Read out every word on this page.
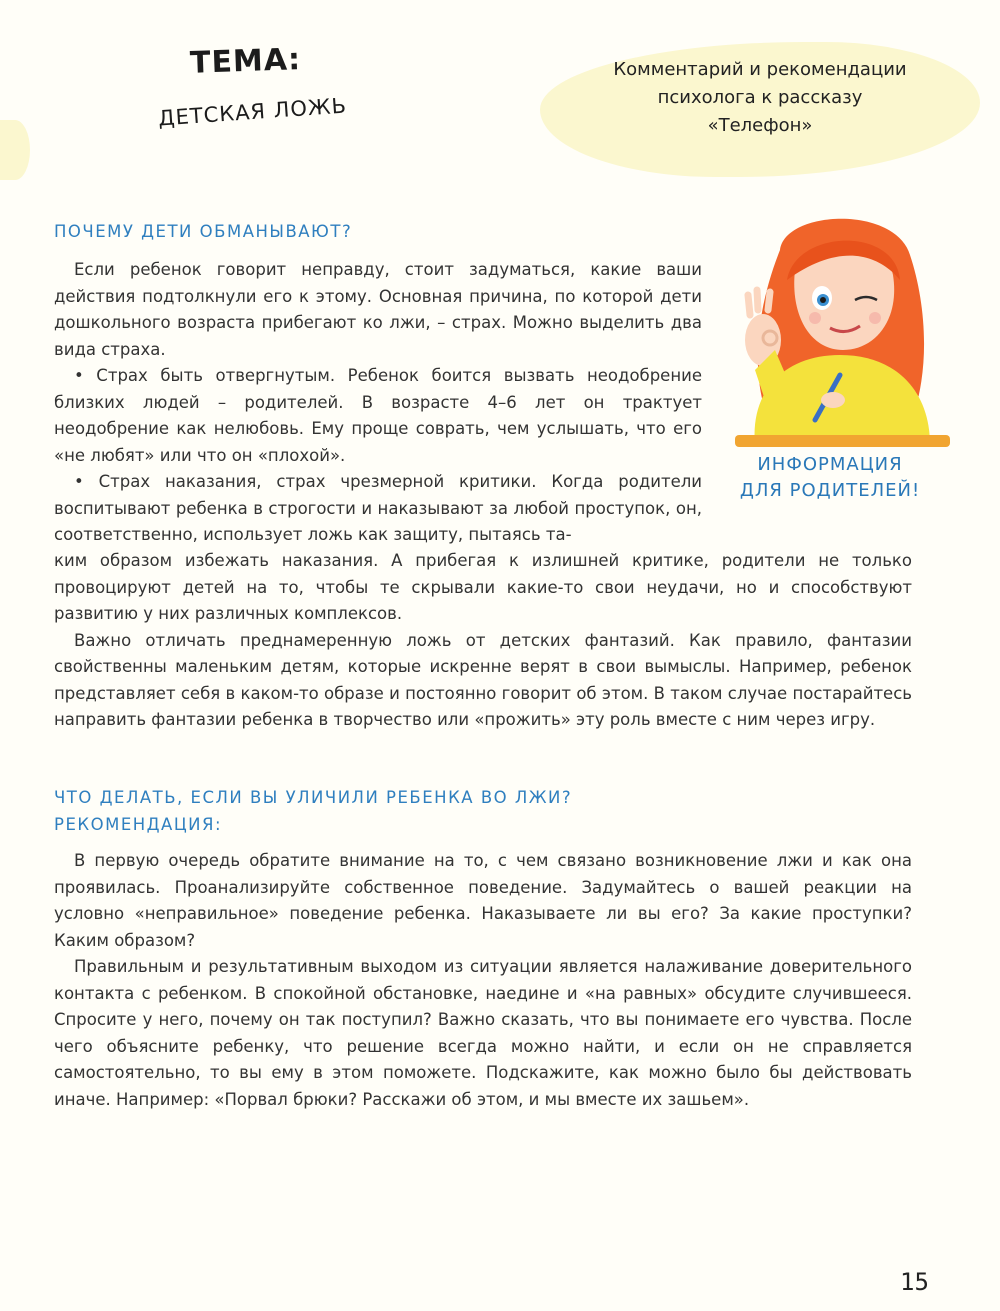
ТЕМА:
ДЕТСКАЯ ЛОЖЬ
Комментарий и рекомендации
психолога к рассказу
«Телефон»
ПОЧЕМУ ДЕТИ ОБМАНЫВАЮТ?

Если ребенок говорит неправду, стоит задуматься, какие ваши действия подтолкнули его к этому. Основная причина, по которой дети дошкольного возраста прибегают ко лжи, – страх. Можно выделить два вида страха.

• Страх быть отвергнутым. Ребенок боится вызвать неодобрение близких людей – родителей. В возрасте 4–6 лет он трактует неодобрение как нелюбовь. Ему проще соврать, чем услышать, что его «не любят» или что он «плохой».

• Страх наказания, страх чрезмерной критики. Когда родители воспитывают ребенка в строгости и наказывают за любой проступок, он, соответственно, использует ложь как защиту, пытаясь та-

ким образом избежать наказания. А прибегая к излишней критике, родители не только провоцируют детей на то, чтобы те скрывали какие-то свои неудачи, но и способствуют развитию у них различных комплексов.

Важно отличать преднамеренную ложь от детских фантазий. Как правило, фантазии свойственны маленьким детям, которые искренне верят в свои вымыслы. Например, ребенок представляет себя в каком-то образе и постоянно говорит об этом. В таком случае постарайтесь направить фантазии ребенка в творчество или «прожить» эту роль вместе с ним через игру.

ИНФОРМАЦИЯ
ДЛЯ РОДИТЕЛЕЙ!
ЧТО ДЕЛАТЬ, ЕСЛИ ВЫ УЛИЧИЛИ РЕБЕНКА ВО ЛЖИ?
РЕКОМЕНДАЦИЯ:

В первую очередь обратите внимание на то, с чем связано возникновение лжи и как она проявилась. Проанализируйте собственное поведение. Задумайтесь о вашей реакции на условно «неправильное» поведение ребенка. Наказываете ли вы его? За какие проступки? Каким образом?

Правильным и результативным выходом из ситуации является налаживание доверительного контакта с ребенком. В спокойной обстановке, наедине и «на равных» обсудите случившееся. Спросите у него, почему он так поступил? Важно сказать, что вы понимаете его чувства. После чего объясните ребенку, что решение всегда можно найти, и если он не справляется самостоятельно, то вы ему в этом поможете. Подскажите, как можно было бы действовать иначе. Например: «Порвал брюки? Расскажи об этом, и мы вместе их зашьем».

15
